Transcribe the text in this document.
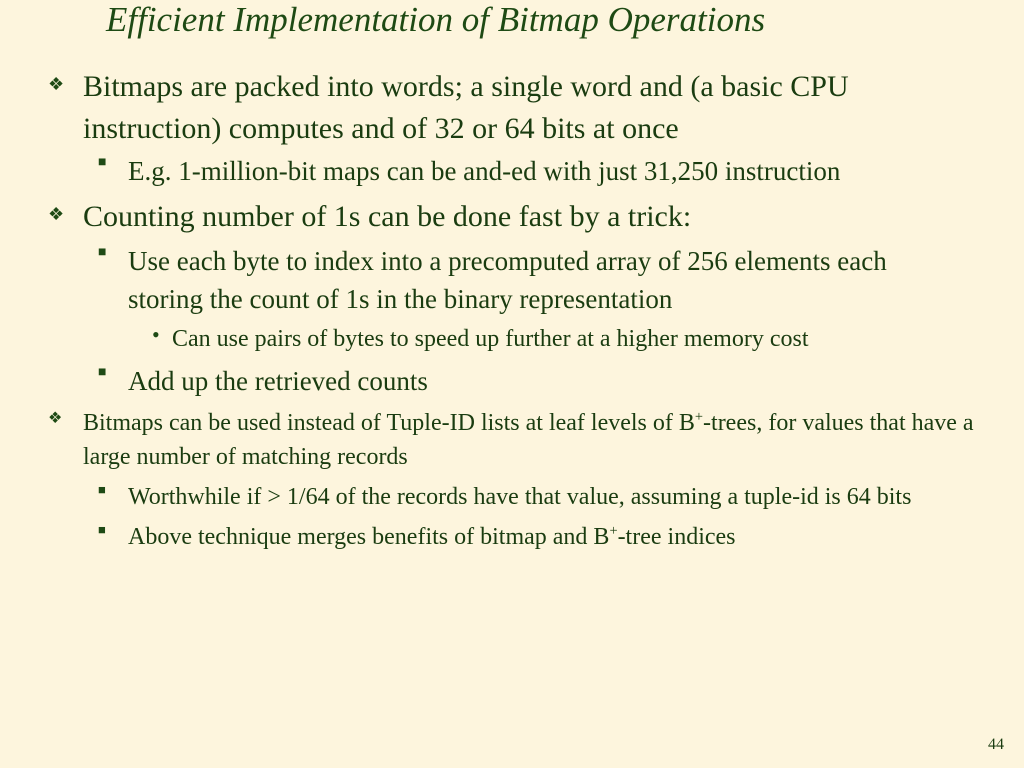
Efficient Implementation of Bitmap Operations
❖ Bitmaps are packed into words; a single word and (a basic CPU instruction) computes and of 32 or 64 bits at once
■ E.g. 1-million-bit maps can be and-ed with just 31,250 instruction
❖ Counting number of 1s can be done fast by a trick:
■ Use each byte to index into a precomputed array of 256 elements each storing the count of 1s in the binary representation
• Can use pairs of bytes to speed up further at a higher memory cost
■ Add up the retrieved counts
❖ Bitmaps can be used instead of Tuple-ID lists at leaf levels of B+-trees, for values that have a large number of matching records
■ Worthwhile if > 1/64 of the records have that value, assuming a tuple-id is 64 bits
■ Above technique merges benefits of bitmap and B+-tree indices
44
